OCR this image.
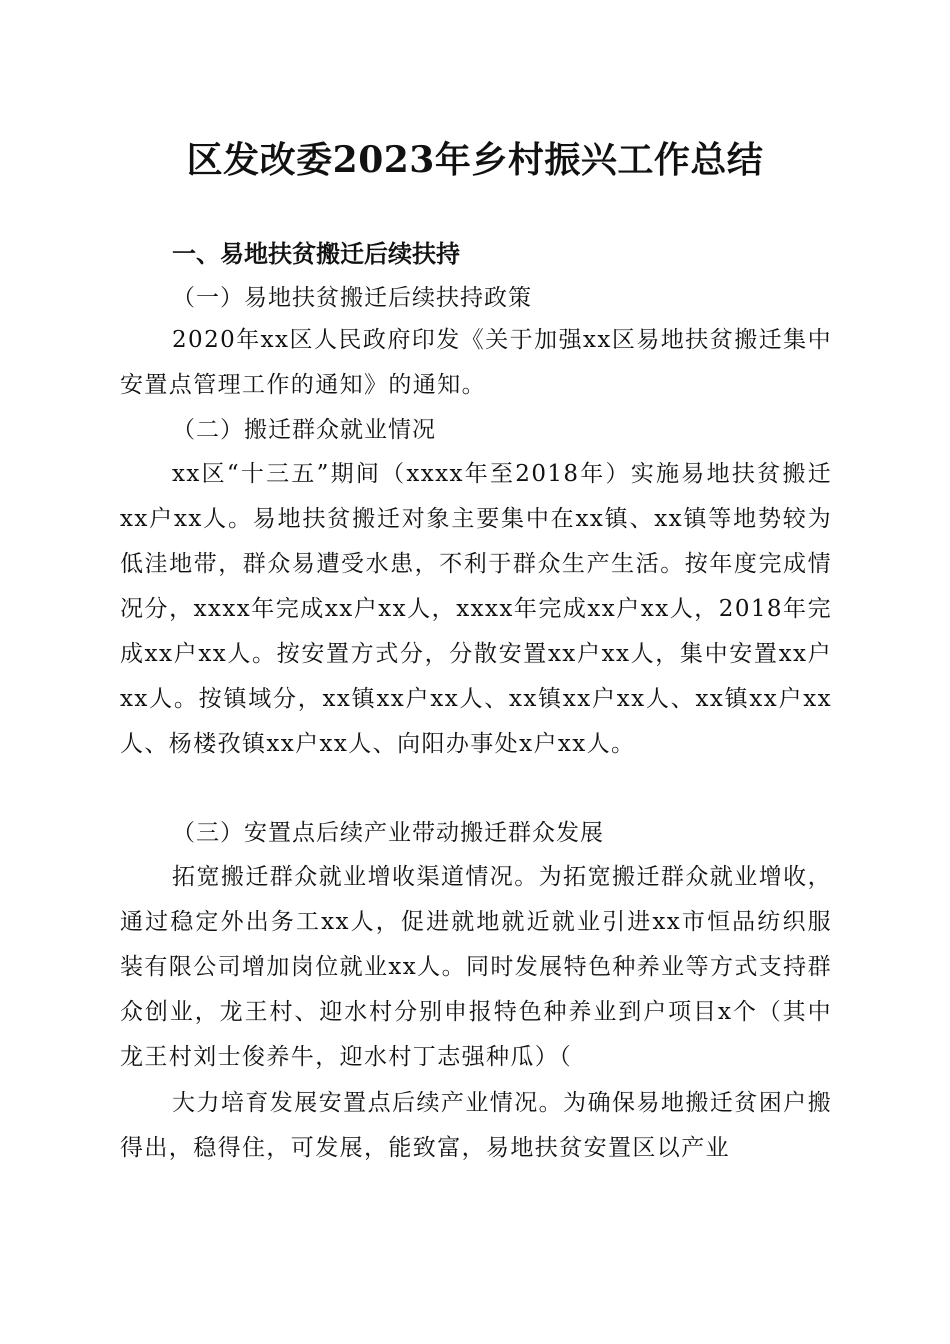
区发改委2023年乡村振兴工作总结
一、易地扶贫搬迁后续扶持
（一）易地扶贫搬迁后续扶持政策

2020年xx区人民政府印发《关于加强xx区易地扶贫搬迁集中安置点管理工作的通知》的通知。

（二）搬迁群众就业情况

xx区“十三五”期间（xxxx年至2018年）实施易地扶贫搬迁xx户xx人。易地扶贫搬迁对象主要集中在xx镇、xx镇等地势较为低洼地带，群众易遭受水患，不利于群众生产生活。按年度完成情况分，xxxx年完成xx户xx人，xxxx年完成xx户xx人，2018年完成xx户xx人。按安置方式分，分散安置xx户xx人，集中安置xx户xx人。按镇域分，xx镇xx户xx人、xx镇xx户xx人、xx镇xx户xx人、杨楼孜镇xx户xx人、向阳办事处x户xx人。

（三）安置点后续产业带动搬迁群众发展

拓宽搬迁群众就业增收渠道情况。为拓宽搬迁群众就业增收，通过稳定外出务工xx人，促进就地就近就业引进xx市恒品纺织服装有限公司增加岗位就业xx人。同时发展特色种养业等方式支持群众创业，龙王村、迎水村分别申报特色种养业到户项目x个（其中龙王村刘士俊养牛，迎水村丁志强种瓜）（

大力培育发展安置点后续产业情况。为确保易地搬迁贫困户搬得出，稳得住，可发展，能致富，易地扶贫安置区以产业
